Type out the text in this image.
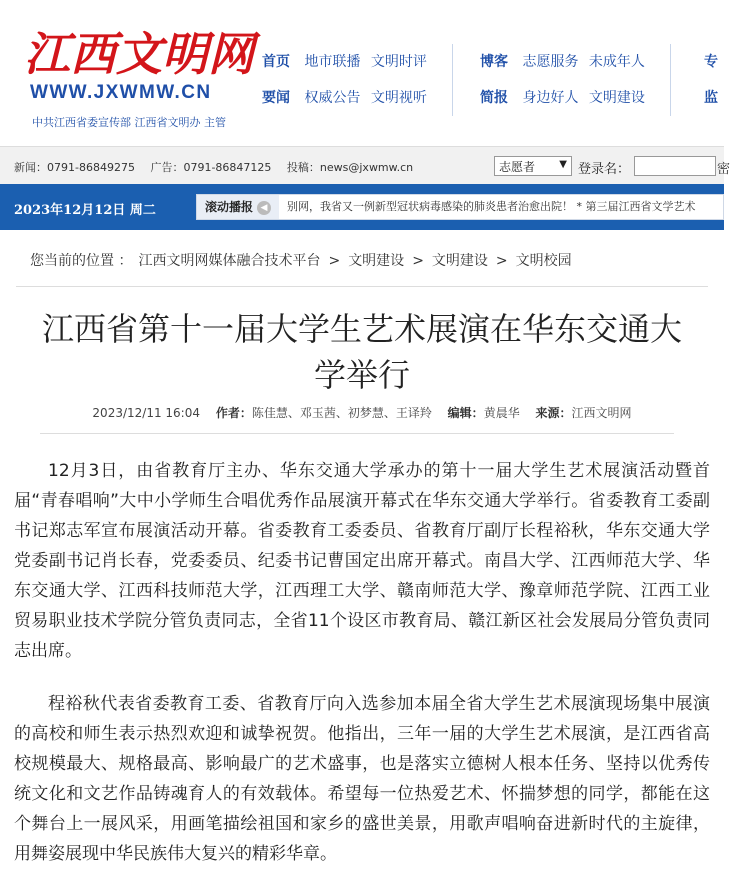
江西文明网
WWW.JXWMW.CN
中共江西省委宣传部 江西省文明办 主管
首页 地市联播 文明时评
要闻 权威公告 文明视听
博客 志愿服务 未成年人
简报 身边好人 文明建设
专
监
新闻：0791-86849275 广告：0791-86847125 投稿：news@jxwmw.cn	志愿者 ▼ 登录名：	密
2023年12月12日 周二	滚动播报 ◀	别网，我省又一例新型冠状病毒感染的肺炎患者治愈出院！ * 第三届江西省文学艺术
您当前的位置 ： 江西文明网媒体融合技术平台 > 文明建设 > 文明建设 > 文明校园
江西省第十一届大学生艺术展演在华东交通大学举行
2023/12/11 16:04 作者：陈佳慧、邓玉茜、初梦慧、王译羚 编辑：黄晨华 来源：江西文明网

12月3日，由省教育厅主办、华东交通大学承办的第十一届大学生艺术展演活动暨首届“青春唱响”大中小学师生合唱优秀作品展演开幕式在华东交通大学举行。省委教育工委副书记郑志军宣布展演活动开幕。省委教育工委委员、省教育厅副厅长程裕秋，华东交通大学党委副书记肖长春，党委委员、纪委书记曹国定出席开幕式。南昌大学、江西师范大学、华东交通大学、江西科技师范大学，江西理工大学、赣南师范大学、豫章师范学院、江西工业贸易职业技术学院分管负责同志，全省11个设区市教育局、赣江新区社会发展局分管负责同志出席。

程裕秋代表省委教育工委、省教育厅向入选参加本届全省大学生艺术展演现场集中展演的高校和师生表示热烈欢迎和诚挚祝贺。他指出，三年一届的大学生艺术展演，是江西省高校规模最大、规格最高、影响最广的艺术盛事，也是落实立德树人根本任务、坚持以优秀传统文化和文艺作品铸魂育人的有效载体。希望每一位热爱艺术、怀揣梦想的同学，都能在这个舞台上一展风采，用画笔描绘祖国和家乡的盛世美景，用歌声唱响奋进新时代的主旋律，用舞姿展现中华民族伟大复兴的精彩华章。
